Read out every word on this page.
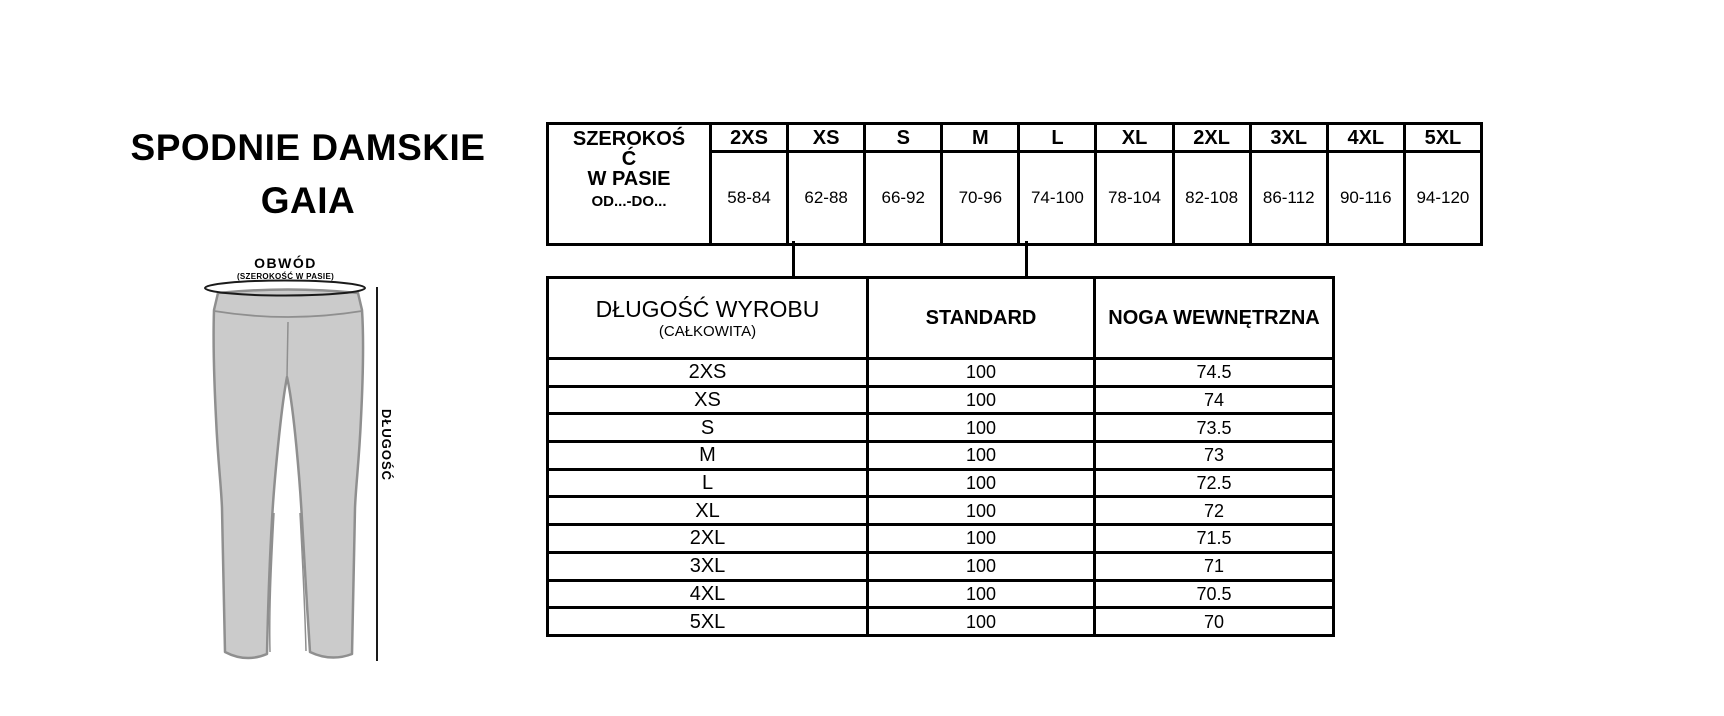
SPODNIE DAMSKIE
GAIA
OBWÓD
(SZEROKOŚĆ W PASIE)
DŁUGOŚĆ
SZEROKOŚ
Ć
W PASIE
OD...-DO...	2XS	XS	S	M	L	XL	2XL	3XL	4XL	5XL
	58-84	62-88	66-92	70-96	74-100	78-104	82-108	86-112	90-116	94-120
DŁUGOŚĆ WYROBU
(CAŁKOWITA)	STANDARD	NOGA WEWNĘTRZNA
2XS	100	74.5
XS	100	74
S	100	73.5
M	100	73
L	100	72.5
XL	100	72
2XL	100	71.5
3XL	100	71
4XL	100	70.5
5XL	100	70
